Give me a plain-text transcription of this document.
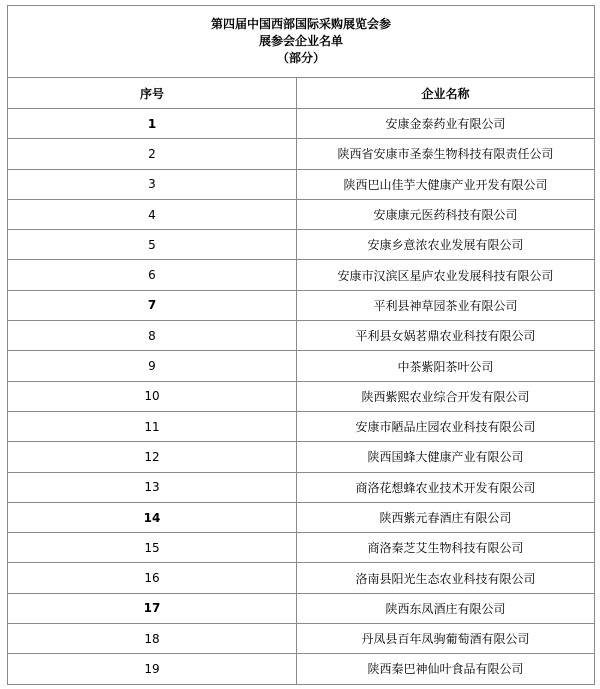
第四届中国西部国际采购展览会参
展参会企业名单
（部分）	

序号	企业名称
1	安康金泰药业有限公司
2	陕西省安康市圣泰生物科技有限责任公司
3	陕西巴山佳芋大健康产业开发有限公司
4	安康康元医药科技有限公司
5	安康乡意浓农业发展有限公司
6	安康市汉滨区星庐农业发展科技有限公司
7	平利县神草园茶业有限公司
8	平利县女娲茗鼎农业科技有限公司
9	中茶紫阳茶叶公司
10	陕西紫熙农业综合开发有限公司
11	安康市陋品庄园农业科技有限公司
12	陕西国蜂大健康产业有限公司
13	商洛花想蜂农业技术开发有限公司
14	陕西紫元春酒庄有限公司
15	商洛秦芝艾生物科技有限公司
16	洛南县阳光生态农业科技有限公司
17	陕西东凤酒庄有限公司
18	丹凤县百年凤驹葡萄酒有限公司
19	陕西秦巴神仙叶食品有限公司
